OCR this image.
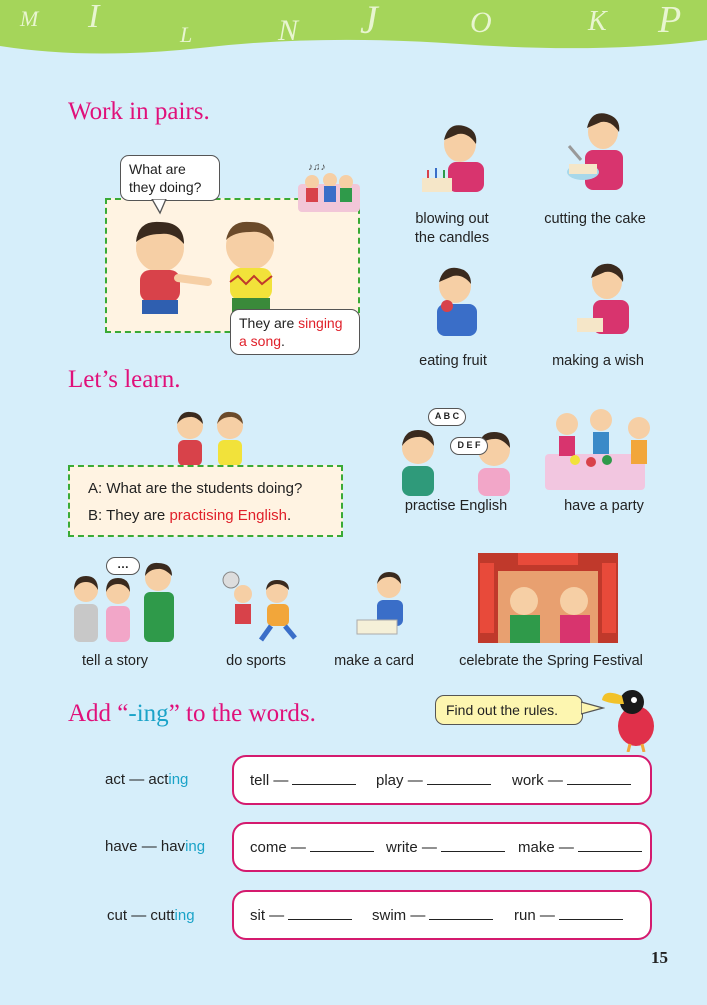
M I	L	N J	O	K P
Work in pairs.
What are
they doing?
♪♫♪
They are singing
a song.
blowing out
the candles
cutting the cake
eating fruit	making a wish
Let’s learn.
A: What are the students doing?
B: They are practising English.
A B C
D E F
practise English	have a party
…
tell a story	do sports	make a card	celebrate the Spring Festival
Add “-ing” to the words.	Find out the rules.
act — acting
have — having
cut — cutting
tell —	play —	work —
come —	write —	make —
sit —	swim —	run —
15
